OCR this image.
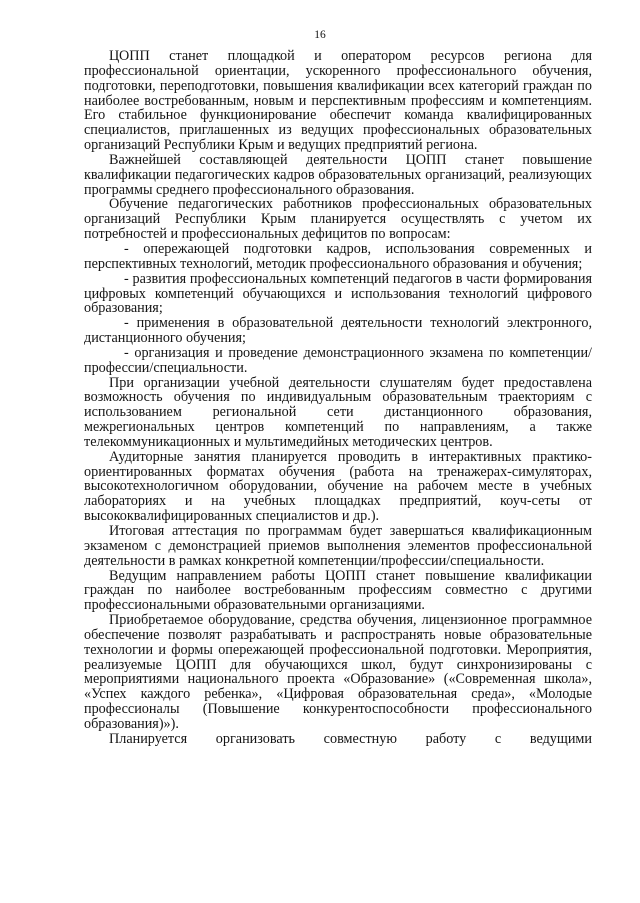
16

ЦОПП станет площадкой и оператором ресурсов региона для профессиональной ориентации, ускоренного профессионального обучения, подготовки, переподготовки, повышения квалификации всех категорий граждан по наиболее востребованным, новым и перспективным профессиям и компетенциям. Его стабильное функционирование обеспечит команда квалифицированных специалистов, приглашенных из ведущих профессиональных образовательных организаций Республики Крым и ведущих предприятий региона.

Важнейшей составляющей деятельности ЦОПП станет повышение квалификации педагогических кадров образовательных организаций, реализующих программы среднего профессионального образования.

Обучение педагогических работников профессиональных образовательных организаций Республики Крым планируется осуществлять с учетом их потребностей и профессиональных дефицитов по вопросам:

- опережающей подготовки кадров, использования современных и перспективных технологий, методик профессионального образования и обучения;

- развития профессиональных компетенций педагогов в части формирования цифровых компетенций обучающихся и использования технологий цифрового образования;

- применения в образовательной деятельности технологий электронного, дистанционного обучения;

- организация и проведение демонстрационного экзамена по компетенции/профессии/специальности.

При организации учебной деятельности слушателям будет предоставлена возможность обучения по индивидуальным образовательным траекториям с использованием региональной сети дистанционного образования, межрегиональных центров компетенций по направлениям, а также телекоммуникационных и мультимедийных методических центров.

Аудиторные занятия планируется проводить в интерактивных практико-ориентированных форматах обучения (работа на тренажерах-симуляторах, высокотехнологичном оборудовании, обучение на рабочем месте в учебных лабораториях и на учебных площадках предприятий, коуч-сеты от высококвалифицированных специалистов и др.).

Итоговая аттестация по программам будет завершаться квалификационным экзаменом с демонстрацией приемов выполнения элементов профессиональной деятельности в рамках конкретной компетенции/профессии/специальности.

Ведущим направлением работы ЦОПП станет повышение квалификации граждан по наиболее востребованным профессиям совместно с другими профессиональными образовательными организациями.

Приобретаемое оборудование, средства обучения, лицензионное программное обеспечение позволят разрабатывать и распространять новые образовательные технологии и формы опережающей профессиональной подготовки. Мероприятия, реализуемые ЦОПП для обучающихся школ, будут синхронизированы с мероприятиями национального проекта «Образование» («Современная школа», «Успех каждого ребенка», «Цифровая образовательная среда», «Молодые профессионалы (Повышение конкурентоспособности профессионального образования)»).

Планируется организовать совместную работу с ведущими
